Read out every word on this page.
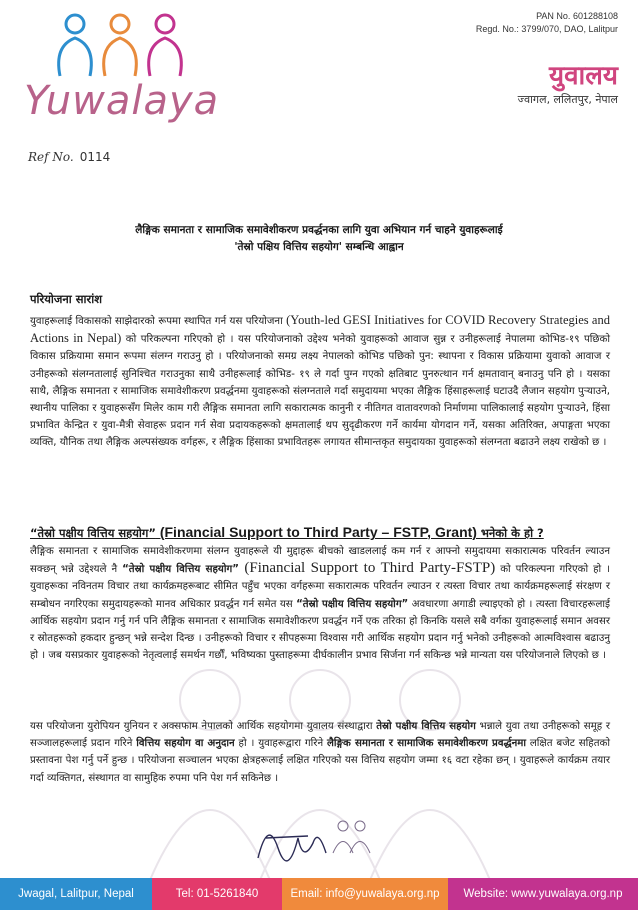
Yuwalaya
PAN No. 601288108
Regd. No.: 3799/070, DAO, Lalitpur
युवालय
ज्वागल, ललितपुर, नेपाल
Ref No. 0114
लैङ्गिक समानता र सामाजिक समावेशीकरण प्रवर्द्धनका लागि युवा अभियान गर्न चाहने युवाहरूलाई
'तेस्रो पक्षिय वित्तिय सहयोग' सम्बन्धि आह्वान
परियोजना सारांश
युवाहरूलाई विकासको साझेदारको रूपमा स्थापित गर्न यस परियोजना (Youth-led GESI Initiatives for COVID Recovery Strategies and Actions in Nepal) को परिकल्पना गरिएको हो । यस परियोजनाको उद्देश्य भनेको युवाहरूको आवाज सुन्न र उनीहरूलाई नेपालमा कोभिड-१९ पछिको विकास प्रक्रियामा समान रूपमा संलग्न गराउनु हो । परियोजनाको समग्र लक्ष्य नेपालको कोभिड पछिको पुन: स्थापना र विकास प्रक्रियामा युवाको आवाज र उनीहरूको संलग्नतालाई सुनिश्चित गराउनुका साथै उनीहरूलाई कोभिड- १९ ले गर्दा पुग्न गएको क्षतिबाट पुनरुत्थान गर्न क्षमतावान् बनाउनु पनि हो । यसका साथै, लैङ्गिक समानता र सामाजिक समावेशीकरण प्रवर्द्धनमा युवाहरूको संलग्नताले गर्दा समुदायमा भएका लैङ्गिक हिंसाहरूलाई घटाउदै लैजान सहयोग पुऱ्याउने, स्थानीय पालिका र युवाहरूसँग मिलेर काम गरी लैङ्गिक समानता लागि सकारात्मक कानुनी र नीतिगत वातावरणको निर्माणमा पालिकालाई सहयोग पुऱ्याउने, हिंसा प्रभावित केन्द्रित र युवा-मैत्री सेवाहरू प्रदान गर्न सेवा प्रदायकहरूको क्षमतालाई थप सुदृढीकरण गर्ने कार्यमा योगदान गर्ने, यसका अतिरिक्त, अपाङ्गता भएका व्यक्ति, यौनिक तथा लैङ्गिक अल्पसंख्यक वर्गहरू, र लैङ्गिक हिंसाका प्रभावितहरू लगायत सीमान्तकृत समुदायका युवाहरूको संलग्नता बढाउने लक्ष्य राखेको छ ।
“तेस्रो पक्षीय वित्तिय सहयोग” (Financial Support to Third Party – FSTP, Grant) भनेको के हो ?
लैङ्गिक समानता र सामाजिक समावेशीकरणमा संलग्न युवाहरूले यी मुद्दाहरू बीचको खाडललाई कम गर्न र आफ्नो समुदायमा सकारात्मक परिवर्तन ल्याउन सक्छन् भन्ने उद्देश्यले नै “तेस्रो पक्षीय वित्तिय सहयोग” (Financial Support to Third Party-FSTP) को परिकल्पना गरिएको हो । युवाहरूका नविनतम विचार तथा कार्यक्रमहरूबाट सीमित पहुँच भएका वर्गहरूमा सकारात्मक परिवर्तन ल्याउन र त्यस्ता विचार तथा कार्यक्रमहरूलाई संरक्षण र सम्बोधन नगरिएका समुदायहरूको मानव अधिकार प्रवर्द्धन गर्न समेत यस “तेस्रो पक्षीय वित्तिय सहयोग” अवधारणा अगाडी ल्याइएको हो । त्यस्ता विचारहरूलाई आर्थिक सहयोग प्रदान गर्नु गर्न पनि लैङ्गिक समानता र सामाजिक समावेशीकरण प्रवर्द्धन गर्ने एक तरिका हो किनकि यसले सबै वर्गका युवाहरूलाई समान अवसर र स्रोतहरूको हकदार हुन्छन् भन्ने सन्देश दिन्छ । उनीहरूको विचार र सीपहरूमा विश्वास गरी आर्थिक सहयोग प्रदान गर्नु भनेको उनीहरूको आत्मविश्वास बढाउनु हो । जब यसप्रकार युवाहरूको नेतृत्वलाई समर्थन गर्छौं, भविष्यका पुस्ताहरूमा दीर्घकालीन प्रभाव सिर्जना गर्न सकिन्छ भन्ने मान्यता यस परियोजनाले लिएको छ ।
यस परियोजना युरोपियन युनियन र अक्सफाम नेपालको आर्थिक सहयोगमा युवालय संस्थाद्वारा तेस्रो पक्षीय वित्तिय सहयोग भन्नाले युवा तथा उनीहरूको समूह र सञ्जालहरूलाई प्रदान गरिने वित्तिय सहयोग वा अनुदान हो । युवाहरूद्वारा गरिने लैङ्गिक समानता र सामाजिक समावेशीकरण प्रवर्द्धनमा लक्षित बजेट सहितको प्रस्तावना पेश गर्नु पर्ने हुन्छ । परियोजना सञ्चालन भएका क्षेत्रहरूलाई लक्षित गरिएको यस वित्तिय सहयोग जम्मा १६ वटा रहेका छन् । युवाहरूले कार्यक्रम तयार गर्दा व्यक्तिगत, संस्थागत वा सामुहिक रुपमा पनि पेश गर्न सकिनेछ ।
Jwagal, Lalitpur, Nepal	Tel: 01-5261840	Email: info@yuwalaya.org.np	Website: www.yuwalaya.org.np
